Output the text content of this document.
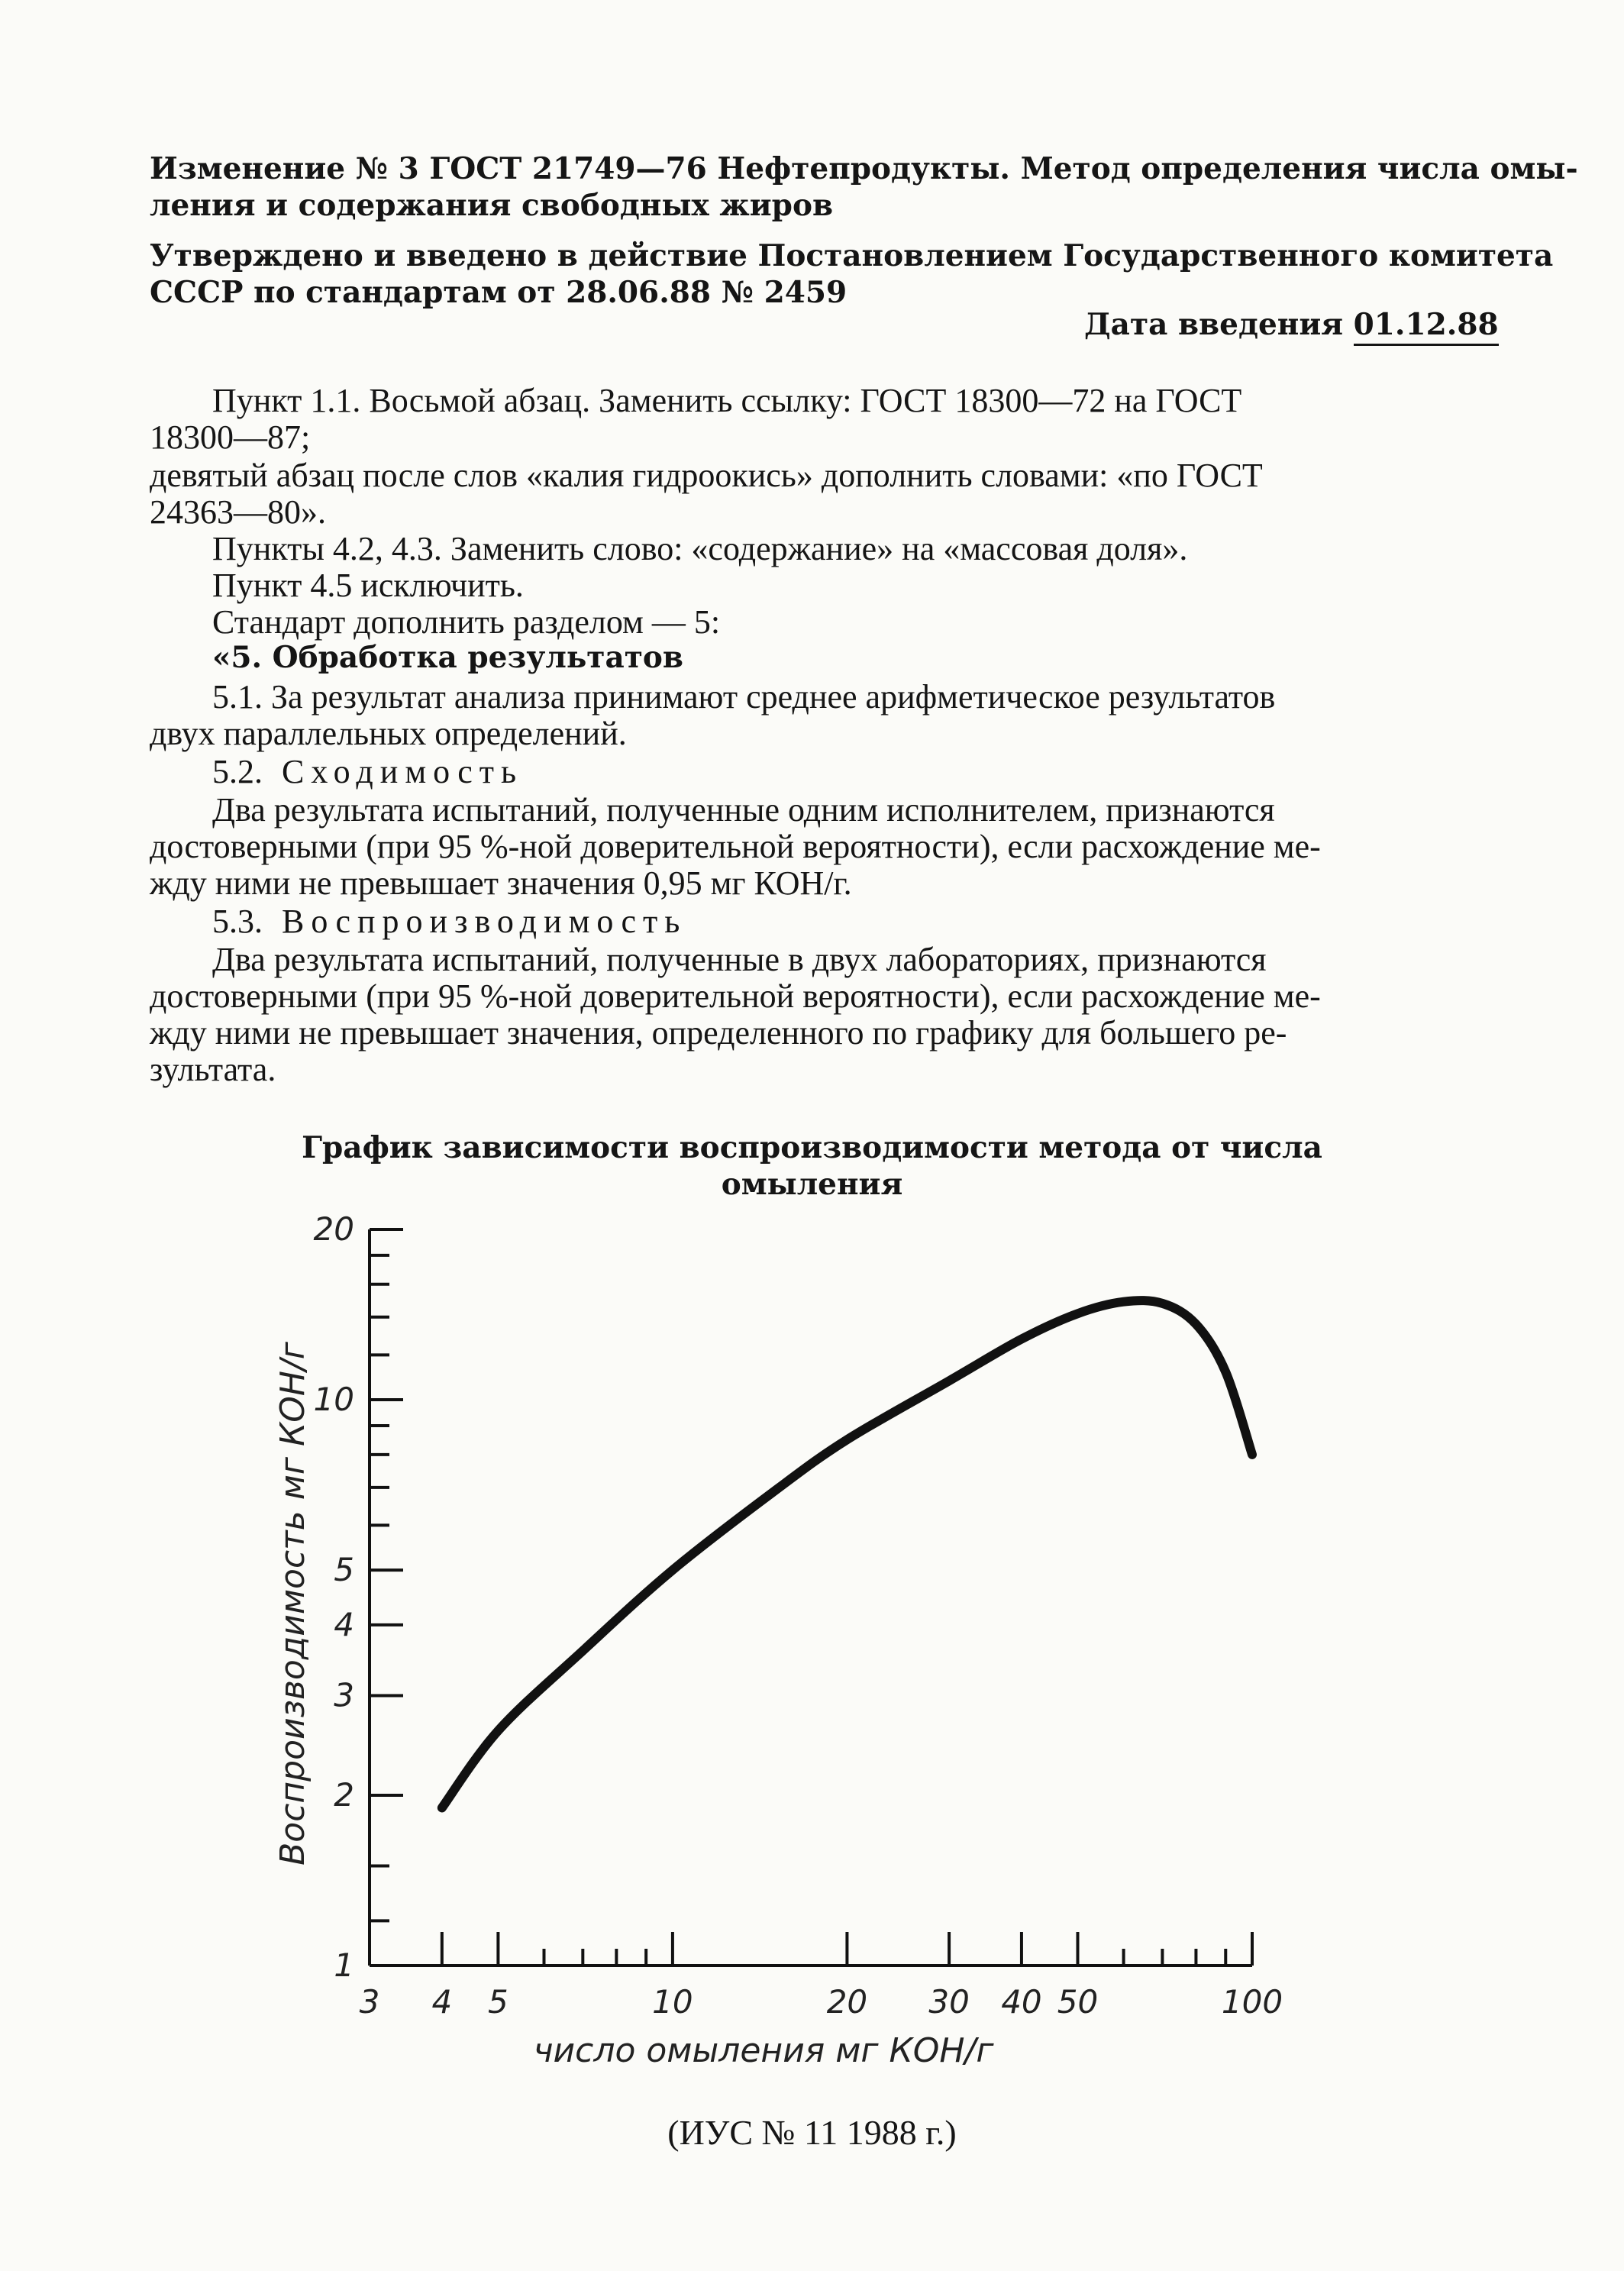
Изменение № 3 ГОСТ 21749—76 Нефтепродукты. Метод определения числа омы-
ления и содержания свободных жиров
Утверждено и введено в действие Постановлением Государственного комитета
СССР по стандартам от 28.06.88 № 2459
Дата введения 01.12.88
Пункт 1.1. Восьмой абзац. Заменить ссылку: ГОСТ 18300—72 на ГОСТ
18300—87;
девятый абзац после слов «калия гидроокись» дополнить словами: «по ГОСТ
24363—80».
Пункты 4.2, 4.3. Заменить слово: «содержание» на «массовая доля».
Пункт 4.5 исключить.
Стандарт дополнить разделом — 5:
«5. Обработка результатов
5.1. За результат анализа принимают среднее арифметическое результатов
двух параллельных определений.
5.2. Сходимость
Два результата испытаний, полученные одним исполнителем, признаются
достоверными (при 95 %-ной доверительной вероятности), если расхождение ме-
жду ними не превышает значения 0,95 мг КОН/г.
5.3. Воспроизводимость
Два результата испытаний, полученные в двух лабораториях, признаются
достоверными (при 95 %-ной доверительной вероятности), если расхождение ме-
жду ними не превышает значения, определенного по графику для большего ре-
зультата.
График зависимости воспроизводимости метода от числа
омыления
1
2
3
4
5
10
20
3 4 5	10	20 30 40 50	100
число омыления мг КОН/г
Воспроизводимость мг КОН/г
(ИУС № 11 1988 г.)
